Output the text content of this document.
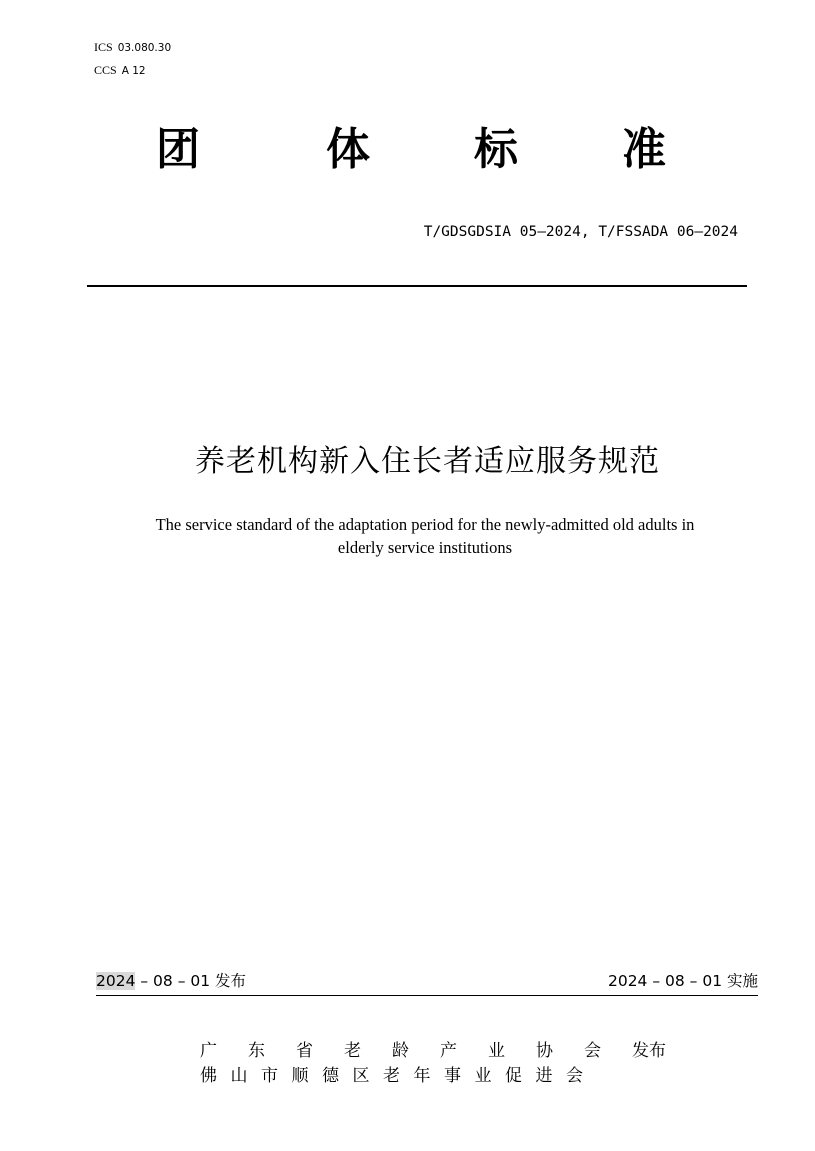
ICS 03.080.30
CCS A 12
团	体 标 准
T/GDSGDSIA 05—2024, T/FSSADA 06—2024
养老机构新入住长者适应服务规范
The service standard of the adaptation period for the newly-admitted old adults in
elderly service institutions
2024 – 08 – 01 发布	2024 – 08 – 01 实施
广 东 省 老 龄 产 业 协 会 发布
佛 山 市 顺 德 区 老 年 事 业 促 进 会
